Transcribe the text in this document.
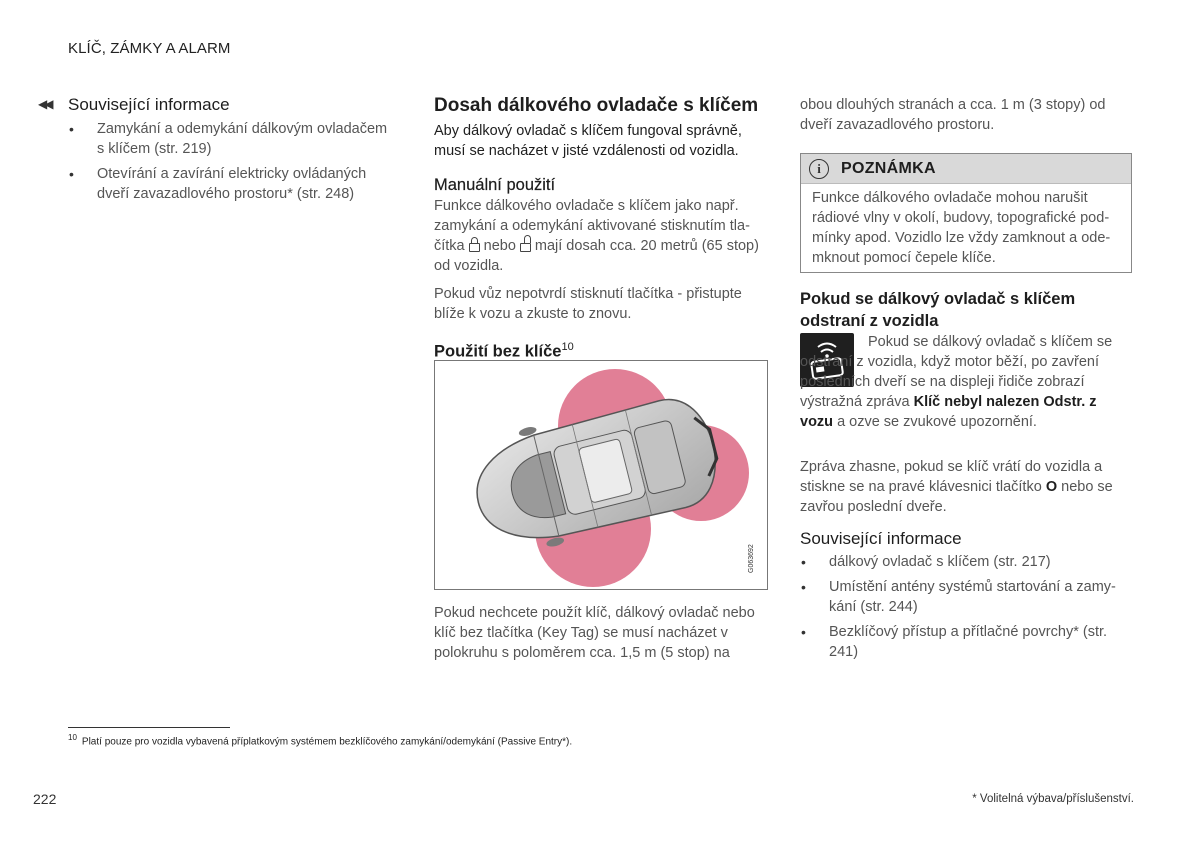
KLÍČ, ZÁMKY A ALARM
◀◀ Související informace
• Zamykání a odemykání dálkovým ovladačem s klíčem (str. 219)
• Otevírání a zavírání elektricky ovládaných dveří zavazadlového prostoru* (str. 248)
Dosah dálkového ovladače s klíčem

Aby dálkový ovladač s klíčem fungoval správně, musí se nacházet v jisté vzdálenosti od vozidla.

Manuální použití

Funkce dálkového ovladače s klíčem jako např. zamykání a odemykání aktivované stisknutím tla-čítka nebo mají dosah cca. 20 metrů (65 stop) od vozidla.

Pokud vůz nepotvrdí stisknutí tlačítka - přistupte blíže k vozu a zkuste to znovu.

Použití bez klíče$^{10}$
G063692

Pokud nechcete použít klíč, dálkový ovladač nebo klíč bez tlačítka (Key Tag) se musí nacházet v polokruhu s poloměrem cca. 1,5 m (5 stop) na

obou dlouhých stranách a cca. 1 m (3 stopy) od dveří zavazadlového prostoru.

i	POZNÁMKA
Funkce dálkového ovladače mohou narušit rádiové vlny v okolí, budovy, topografické pod-mínky apod. Vozidlo lze vždy zamknout a ode-mknout pomocí čepele klíče.
Pokud se dálkový ovladač s klíčem odstraní z vozidla

Pokud se dálkový ovladač s klíčem se odstraní z vozidla, když motor běží, po zavření posledních dveří se na displeji řidiče zobrazí výstražná zpráva Klíč nebyl nalezen Odstr. z vozu a ozve se zvukové upozornění.

Zpráva zhasne, pokud se klíč vrátí do vozidla a stiskne se na pravé klávesnici tlačítko O nebo se zavřou poslední dveře.

Související informace
• dálkový ovladač s klíčem (str. 217)
• Umístění antény systémů startování a zamy-kání (str. 244)
• Bezklíčový přístup a přítlačné povrchy* (str. 241)
$^{10}$ Platí pouze pro vozidla vybavená příplatkovým systémem bezklíčového zamykání/odemykání (Passive Entry*).
222	* Volitelná výbava/příslušenství.
